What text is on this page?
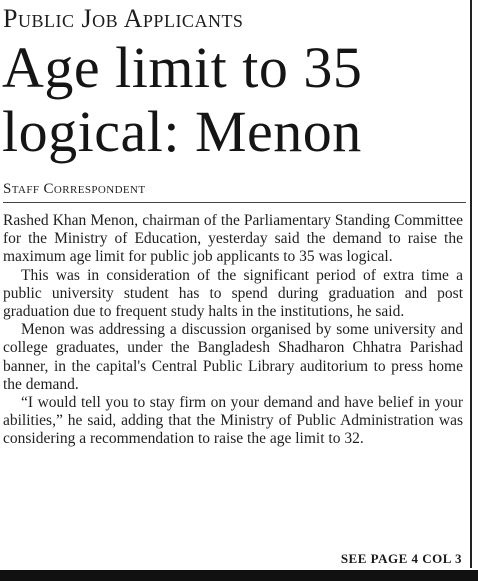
Public Job Applicants
Age limit to 35
logical: Menon
Staff Correspondent

Rashed Khan Menon, chairman of the Parliamentary Standing Committee for the Ministry of Education, yesterday said the demand to raise the maximum age limit for public job applicants to 35 was logical.

This was in consideration of the significant period of extra time a public university student has to spend during graduation and post graduation due to frequent study halts in the institutions, he said.

Menon was addressing a discussion organised by some university and college graduates, under the Bangladesh Shadharon Chhatra Parishad banner, in the capital's Central Public Library auditorium to press home the demand.

“I would tell you to stay firm on your demand and have belief in your abilities,” he said, adding that the Ministry of Public Administration was considering a recommendation to raise the age limit to 32.

SEE PAGE 4 COL 3
